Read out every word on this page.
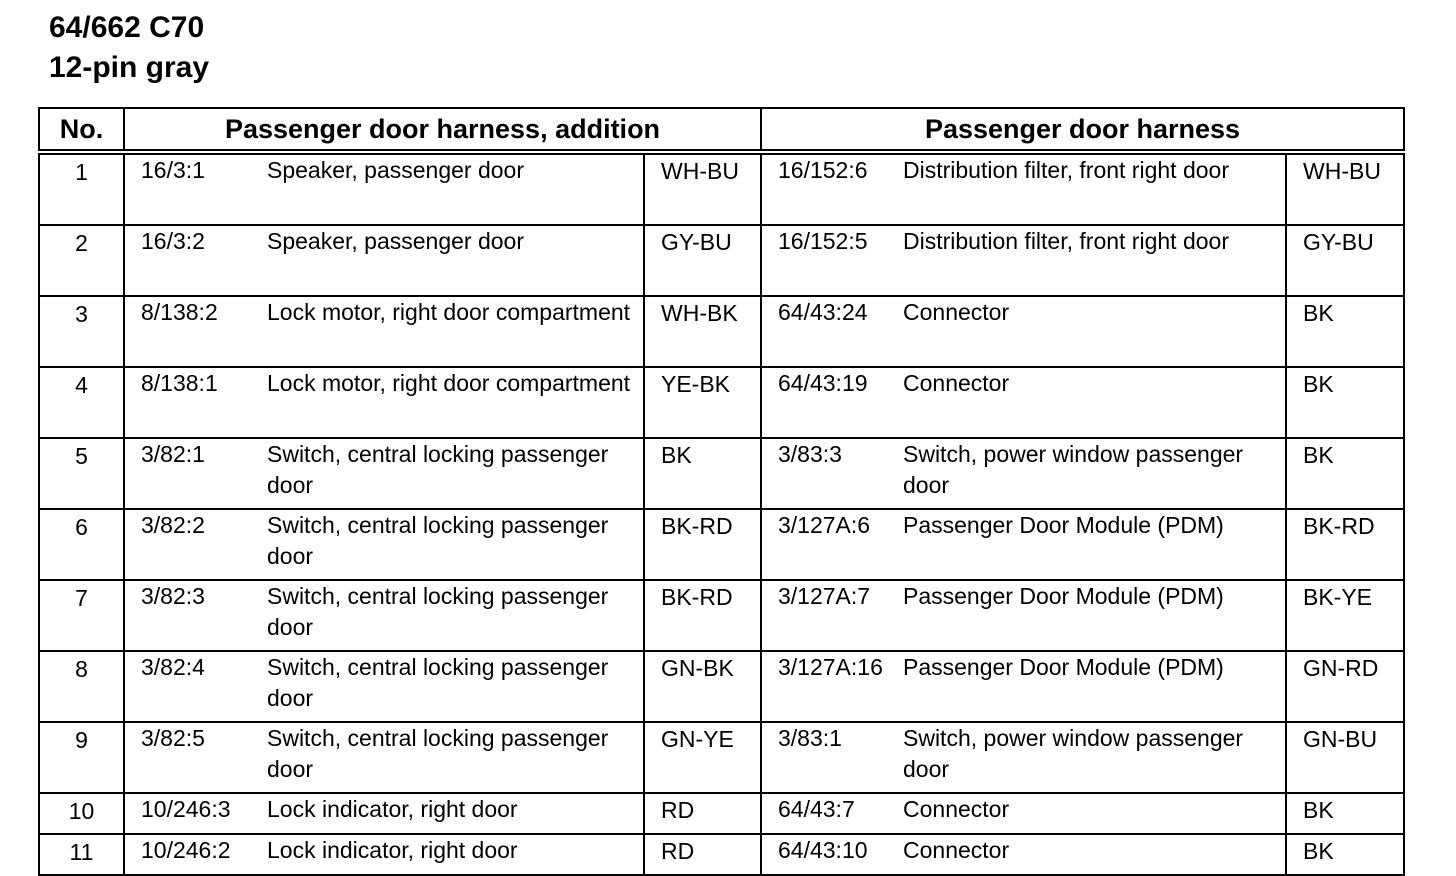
64/662 C70
12-pin gray
No.	Passenger door harness, addition		Passenger door harness	
1	16/3:1 Speaker, passenger door	WH-BU	16/152:6 Distribution filter, front right door	WH-BU
2	16/3:2 Speaker, passenger door	GY-BU	16/152:5 Distribution filter, front right door	GY-BU
3	8/138:2 Lock motor, right door compartment	WH-BK	64/43:24 Connector	BK
4	8/138:1 Lock motor, right door compartment	YE-BK	64/43:19 Connector	BK
5	3/82:1 Switch, central locking passenger door	BK	3/83:3 Switch, power window passenger door	BK
6	3/82:2 Switch, central locking passenger door	BK-RD	3/127A:6 Passenger Door Module (PDM)	BK-RD
7	3/82:3 Switch, central locking passenger door	BK-RD	3/127A:7 Passenger Door Module (PDM)	BK-YE
8	3/82:4 Switch, central locking passenger door	GN-BK	3/127A:16 Passenger Door Module (PDM)	GN-RD
9	3/82:5 Switch, central locking passenger door	GN-YE	3/83:1 Switch, power window passenger door	GN-BU
10	10/246:3 Lock indicator, right door	RD	64/43:7 Connector	BK
11	10/246:2 Lock indicator, right door	RD	64/43:10 Connector	BK
